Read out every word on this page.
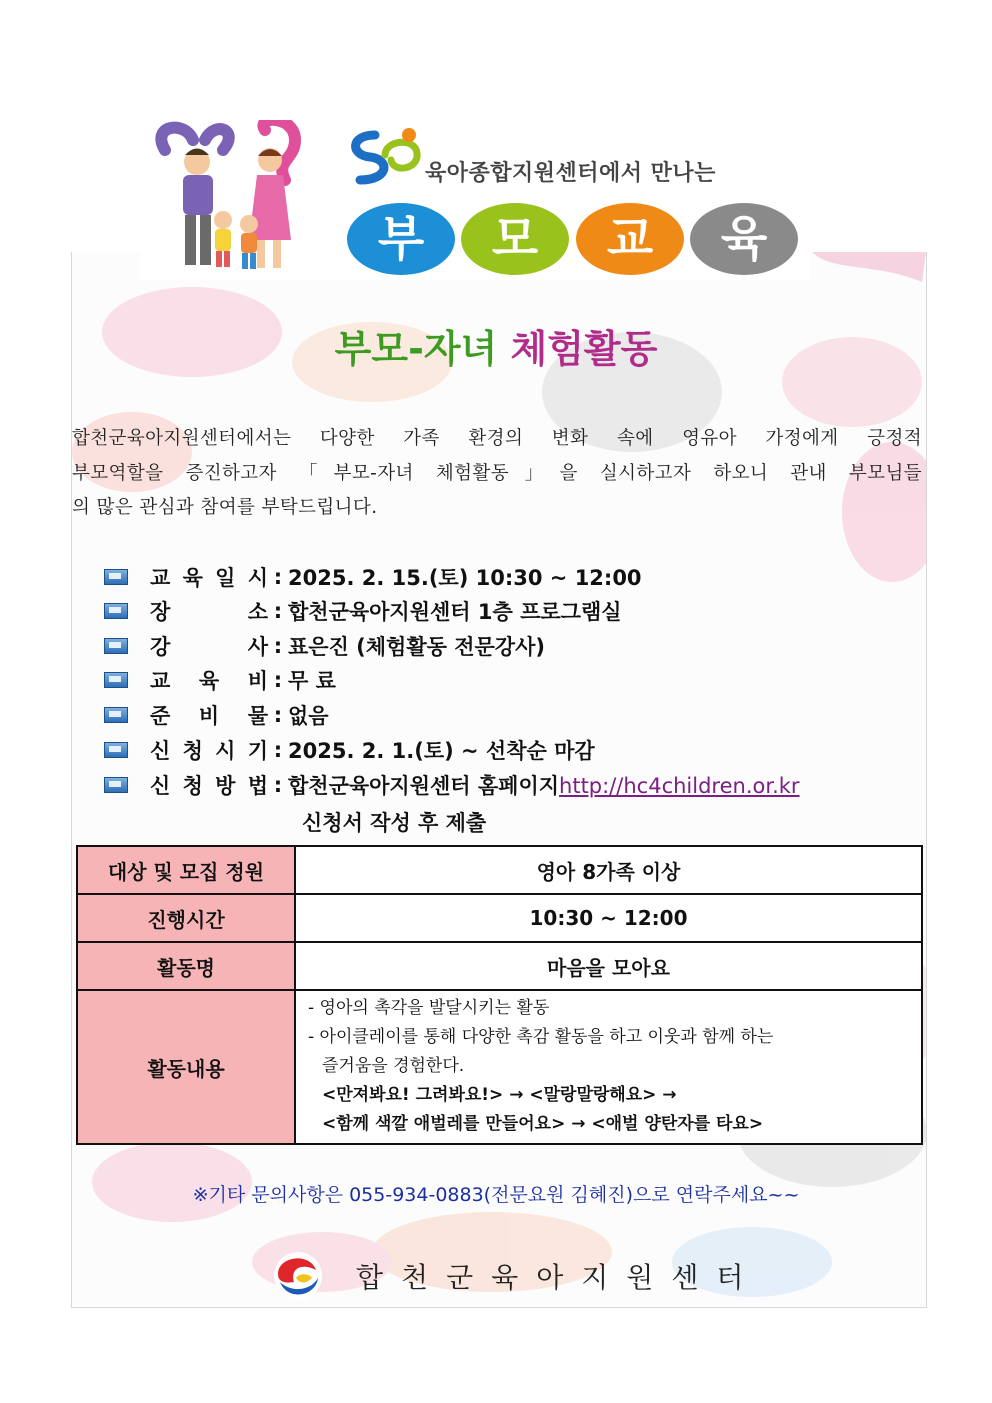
육아종합지원센터에서 만나는
부	모	교	육
부모-자녀 체험활동

합천군육아지원센터에서는 다양한 가족 환경의 변화 속에 영유아 가정에게 긍정적

부모역할을 증진하고자 「부모-자녀 체험활동」을 실시하고자 하오니 관내 부모님들

의 많은 관심과 참여를 부탁드립니다.

교 육 일 시 : 2025. 2. 15.(토) 10:30 ~ 12:00
장	소 : 합천군육아지원센터 1층 프로그램실
강	사 : 표은진 (체험활동 전문강사)
교 육 비 : 무 료
준 비 물 : 없음
신 청 시 기 : 2025. 2. 1.(토) ~ 선착순 마감
신 청 방 법 : 합천군육아지원센터 홈페이지http://hc4children.or.kr
신청서 작성 후 제출
대상 및 모집 정원	영아 8가족 이상
진행시간	10:30 ~ 12:00
활동명	마음을 모아요
활동내용	- 영아의 촉각을 발달시키는 활동
- 아이클레이를 통해 다양한 촉감 활동을 하고 이웃과 함께 하는
즐거움을 경험한다.
<만져봐요! 그려봐요!> → <말랑말랑해요> →
<함께 색깔 애벌레를 만들어요> → <애벌 양탄자를 타요>
※기타 문의사항은 055-934-0883(전문요원 김혜진)으로 연락주세요~~
합천군육아지원센터
